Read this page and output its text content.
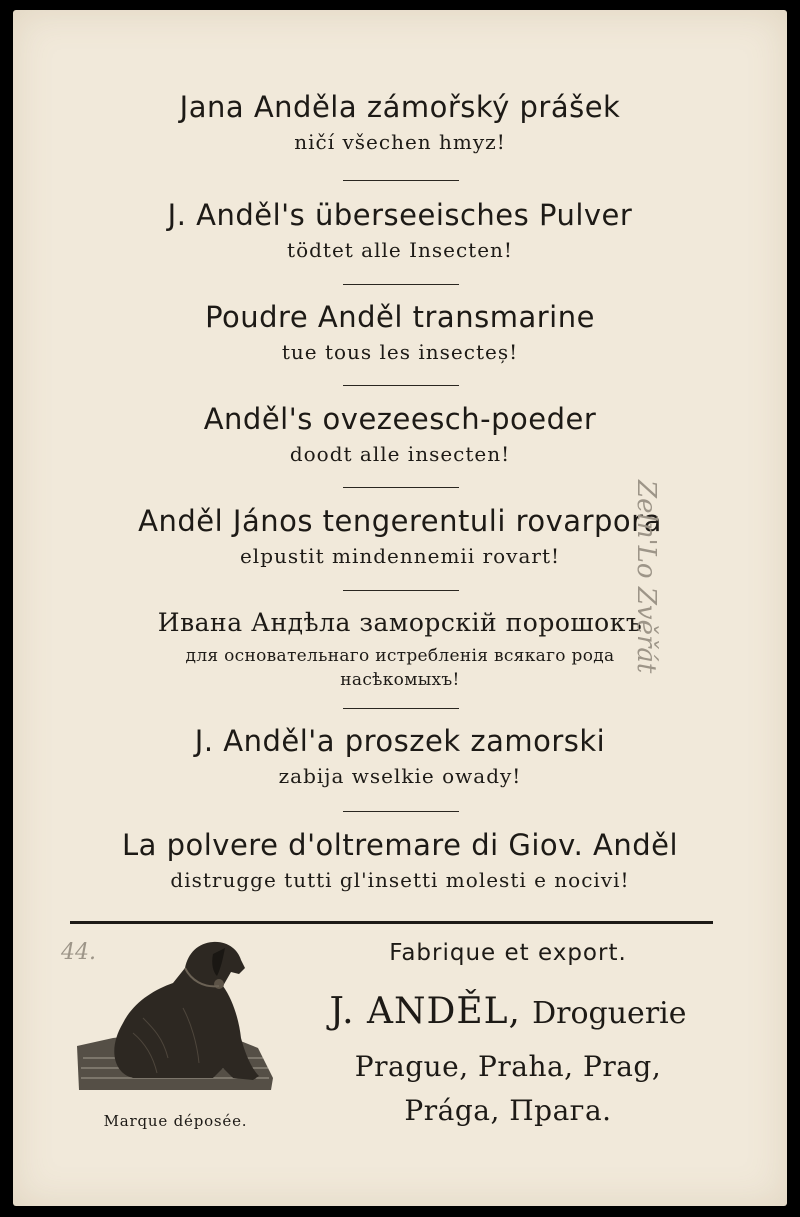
Jana Anděla zámořský prášek
ničí všechen hmyz!
J. Anděl's überseeisches Pulver
tödtet alle Insecten!
Poudre Anděl transmarine
tue tous les insecteș!
Anděl's ovezeesch-poeder
doodt alle insecten!
Anděl János tengerentuli rovarpora
elpustit mindennemii rovart!
Ивана Андѣла заморскій порошокъ
для основательнаго истребленія всякаго рода
насѣкомыхъ!
J. Anděl'a proszek zamorski
zabija wselkie owady!
La polvere d'oltremare di Giov. Anděl
distrugge tutti gl'insetti molesti e nocivi!
Marque déposée.
Fabrique et export.
J. ANDĚL, Droguerie
Prague, Praha, Prag,
Prága, Прага.
Zeln'Lo Zvěřát
44.
